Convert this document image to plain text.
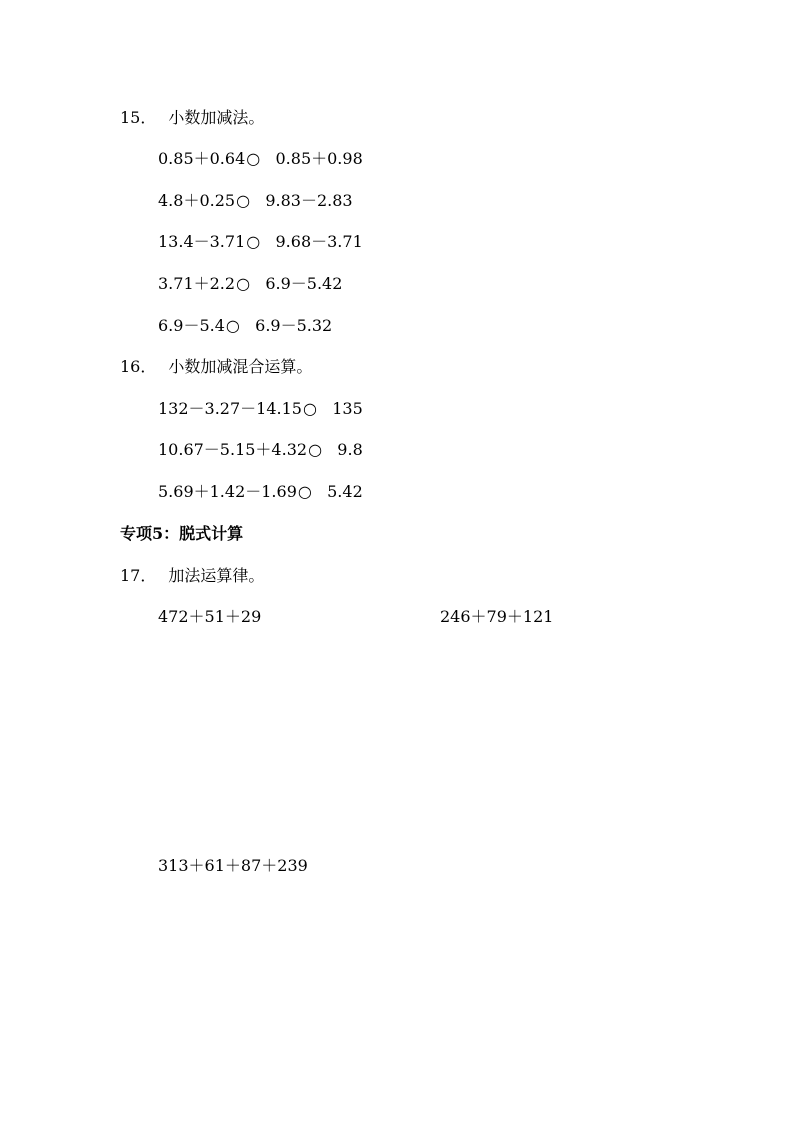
15． 小数加减法。
0.85＋0.64○ 0.85＋0.98
4.8＋0.25○ 9.83－2.83
13.4－3.71○ 9.68－3.71
3.71＋2.2○ 6.9－5.42
6.9－5.4○ 6.9－5.32
16． 小数加减混合运算。
132－3.27－14.15○ 135
10.67－5.15＋4.32○ 9.8
5.69＋1.42－1.69○ 5.42
专项5：脱式计算
17． 加法运算律。
472＋51＋29	246＋79＋121
313＋61＋87＋239
